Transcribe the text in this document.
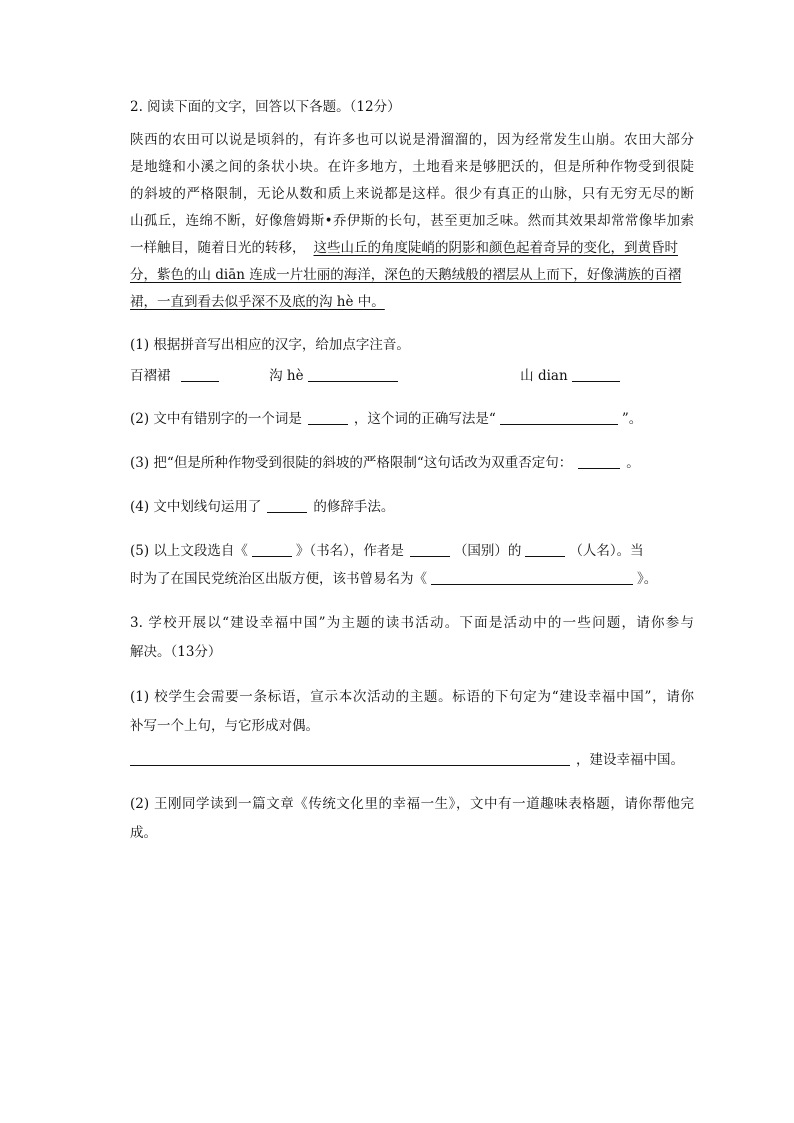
2. 阅读下面的文字，回答以下各题。（12分）
陕西的农田可以说是顷斜的，有许多也可以说是滑溜溜的，因为经常发生山崩。农田大部分
是地缝和小溪之间的条状小块。在许多地方，土地看来是够肥沃的，但是所种作物受到很陡
的斜坡的严格限制，无论从数和质上来说都是这样。很少有真正的山脉，只有无穷无尽的断
山孤丘，连绵不断，好像詹姆斯•乔伊斯的长句，甚至更加乏味。然而其效果却常常像毕加索
一样触目，随着日光的转移， 这些山丘的角度陡峭的阴影和颜色起着奇异的变化，到黄昏时
分，紫色的山 diān 连成一片壮丽的海洋，深色的天鹅绒般的褶层从上而下，好像满族的百褶
裙，一直到看去似乎深不及底的沟 hè 中。
(1) 根据拼音写出相应的汉字，给加点字注音。
百褶裙	沟 hè	山 dian
(2) 文中有错别字的一个词是	，这个词的正确写法是“	”。
(3) 把“但是所种作物受到很陡的斜坡的严格限制“这句话改为双重否定句：	。
(4) 文中划线句运用了	的修辞手法。
(5) 以上文段选自《	》（书名），作者是	（国别）的	（人名）。当
时为了在国民党统治区出版方便，该书曾易名为《	》。
3. 学校开展以“建设幸福中国”为主题的读书活动。下面是活动中的一些问题，请你参与
解决。（13分）
(1) 校学生会需要一条标语，宣示本次活动的主题。标语的下句定为“建设幸福中国”，请你
补写一个上句，与它形成对偶。
，建设幸福中国。
(2) 王刚同学读到一篇文章《传统文化里的幸福一生》，文中有一道趣味表格题，请你帮他完
成。
